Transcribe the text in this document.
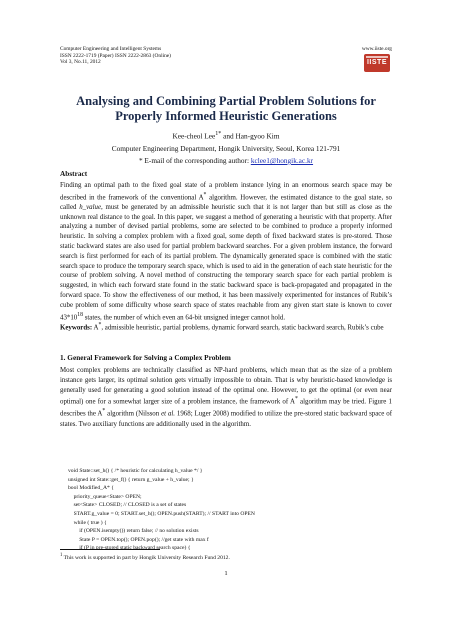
Computer Engineering and Intelligent Systems
ISSN 2222-1719 (Paper) ISSN 2222-2863 (Online)
Vol 3, No.11, 2012
www.iiste.org
IISTE
Analysing and Combining Partial Problem Solutions for
Properly Informed Heuristic Generations
Kee-cheol Lee$^{1*}$ and Han-gyoo Kim
Computer Engineering Department, Hongik University, Seoul, Korea 121-791
* E-mail of the corresponding author: kclee1@hongik.ac.kr
Abstract
Finding an optimal path to the fixed goal state of a problem instance lying in an enormous search space may be described in the framework of the conventional A* algorithm. However, the estimated distance to the goal state, so called h_value, must be generated by an admissible heuristic such that it is not larger than but still as close as the unknown real distance to the goal. In this paper, we suggest a method of generating a heuristic with that property. After analyzing a number of devised partial problems, some are selected to be combined to produce a properly informed heuristic. In solving a complex problem with a fixed goal, some depth of fixed backward states is pre-stored. Those static backward states are also used for partial problem backward searches. For a given problem instance, the forward search is first performed for each of its partial problem. The dynamically generated space is combined with the static search space to produce the temporary search space, which is used to aid in the generation of each state heuristic for the course of problem solving. A novel method of constructing the temporary search space for each partial problem is suggested, in which each forward state found in the static backward space is back-propagated and propagated in the forward space. To show the effectiveness of our method, it has been massively experimented for instances of Rubik’s cube problem of some difficulty whose search space of states reachable from any given start state is known to cover $43*10^{18}$ states, the number of which even an 64-bit unsigned integer cannot hold.
Keywords: A*, admissible heuristic, partial problems, dynamic forward search, static backward search, Rubik’s cube
1. General Framework for Solving a Complex Problem
Most complex problems are technically classified as NP-hard problems, which mean that as the size of a problem instance gets larger, its optimal solution gets virtually impossible to obtain. That is why heuristic-based knowledge is generally used for generating a good solution instead of the optimal one. However, to get the optimal (or even near optimal) one for a somewhat larger size of a problem instance, the framework of A* algorithm may be tried. Figure 1 describes the A* algorithm (Nilsson et al. 1968; Luger 2008) modified to utilize the pre-stored static backward space of states. Two auxiliary functions are additionally used in the algorithm.
void State::set_h() { /* heuristic for calculating h_value */ }
unsigned int State::get_f() { return g_value + h_value; }
bool Modified_A* {
priority_queue<State> OPEN;
set<State> CLOSED; // CLOSED is a set of states
START.g_value = 0; START.set_h(); OPEN.push(START); // START into OPEN
while ( true ) {
if (OPEN.isempty()) return false; // no solution exists
State P = OPEN.top(); OPEN.pop(); //get state with max f
if (P in pre-stored static backward search space) {
$^1$ This work is supported in part by Hongik University Research Fund 2012.
1
